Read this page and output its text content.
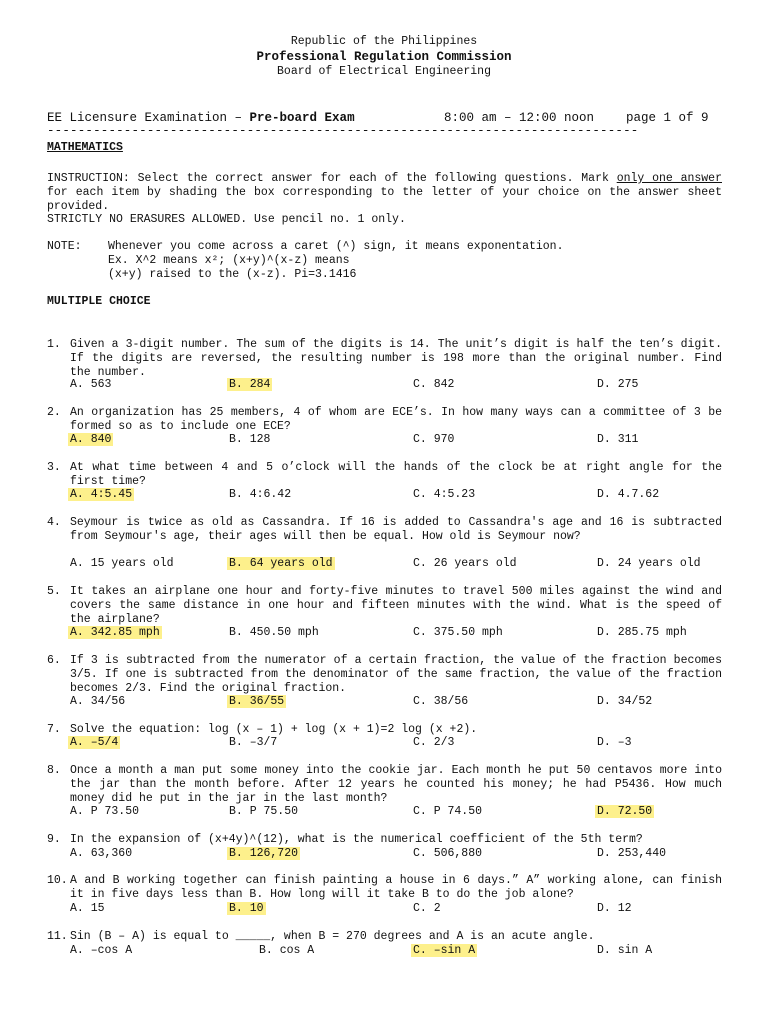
Republic of the Philippines
Professional Regulation Commission
Board of Electrical Engineering
EE Licensure Examination – Pre-board Exam	8:00 am – 12:00 noon	page 1 of 9
-----------------------------------------------------------------------------
MATHEMATICS
INSTRUCTION: Select the correct answer for each of the following questions. Mark only one answer for each item by shading the box corresponding to the letter of your choice on the answer sheet provided.
STRICTLY NO ERASURES ALLOWED. Use pencil no. 1 only.
NOTE: Whenever you come across a caret (^) sign, it means exponentation.
Ex. X^2 means x²; (x+y)^(x-z) means
(x+y) raised to the (x-z). Pi=3.1416
MULTIPLE CHOICE
1. Given a 3-digit number. The sum of the digits is 14. The unit’s digit is half the ten’s digit. If the digits are reversed, the resulting number is 198 more than the original number. Find the number.
A. 563	B. 284	C. 842	D. 275
2. An organization has 25 members, 4 of whom are ECE’s. In how many ways can a committee of 3 be formed so as to include one ECE?
A. 840	B. 128	C. 970	D. 311
3. At what time between 4 and 5 o’clock will the hands of the clock be at right angle for the first time?
A. 4:5.45	B. 4:6.42	C. 4:5.23	D. 4.7.62
4. Seymour is twice as old as Cassandra. If 16 is added to Cassandra's age and 16 is subtracted from Seymour's age, their ages will then be equal. How old is Seymour now?
A. 15 years old	B. 64 years old	C. 26 years old	D. 24 years old
5. It takes an airplane one hour and forty-five minutes to travel 500 miles against the wind and covers the same distance in one hour and fifteen minutes with the wind. What is the speed of the airplane?
A. 342.85 mph	B. 450.50 mph	C. 375.50 mph	D. 285.75 mph
6. If 3 is subtracted from the numerator of a certain fraction, the value of the fraction becomes 3/5. If one is subtracted from the denominator of the same fraction, the value of the fraction becomes 2/3. Find the original fraction.
A. 34/56	B. 36/55	C. 38/56	D. 34/52
7. Solve the equation: log (x – 1) + log (x + 1)=2 log (x +2).
A. –5/4	B. –3/7	C. 2/3	D. –3
8. Once a month a man put some money into the cookie jar. Each month he put 50 centavos more into the jar than the month before. After 12 years he counted his money; he had P5436. How much money did he put in the jar in the last month?
A. P 73.50	B. P 75.50	C. P 74.50	D. 72.50
9. In the expansion of (x+4y)^(12), what is the numerical coefficient of the 5th term?
A. 63,360	B. 126,720	C. 506,880	D. 253,440
10. A and B working together can finish painting a house in 6 days.” A” working alone, can finish it in five days less than B. How long will it take B to do the job alone?
A. 15	B. 10	C. 2	D. 12
11. Sin (B – A) is equal to _____, when B = 270 degrees and A is an acute angle.
A. –cos A	B. cos A	C. –sin A	D. sin A
